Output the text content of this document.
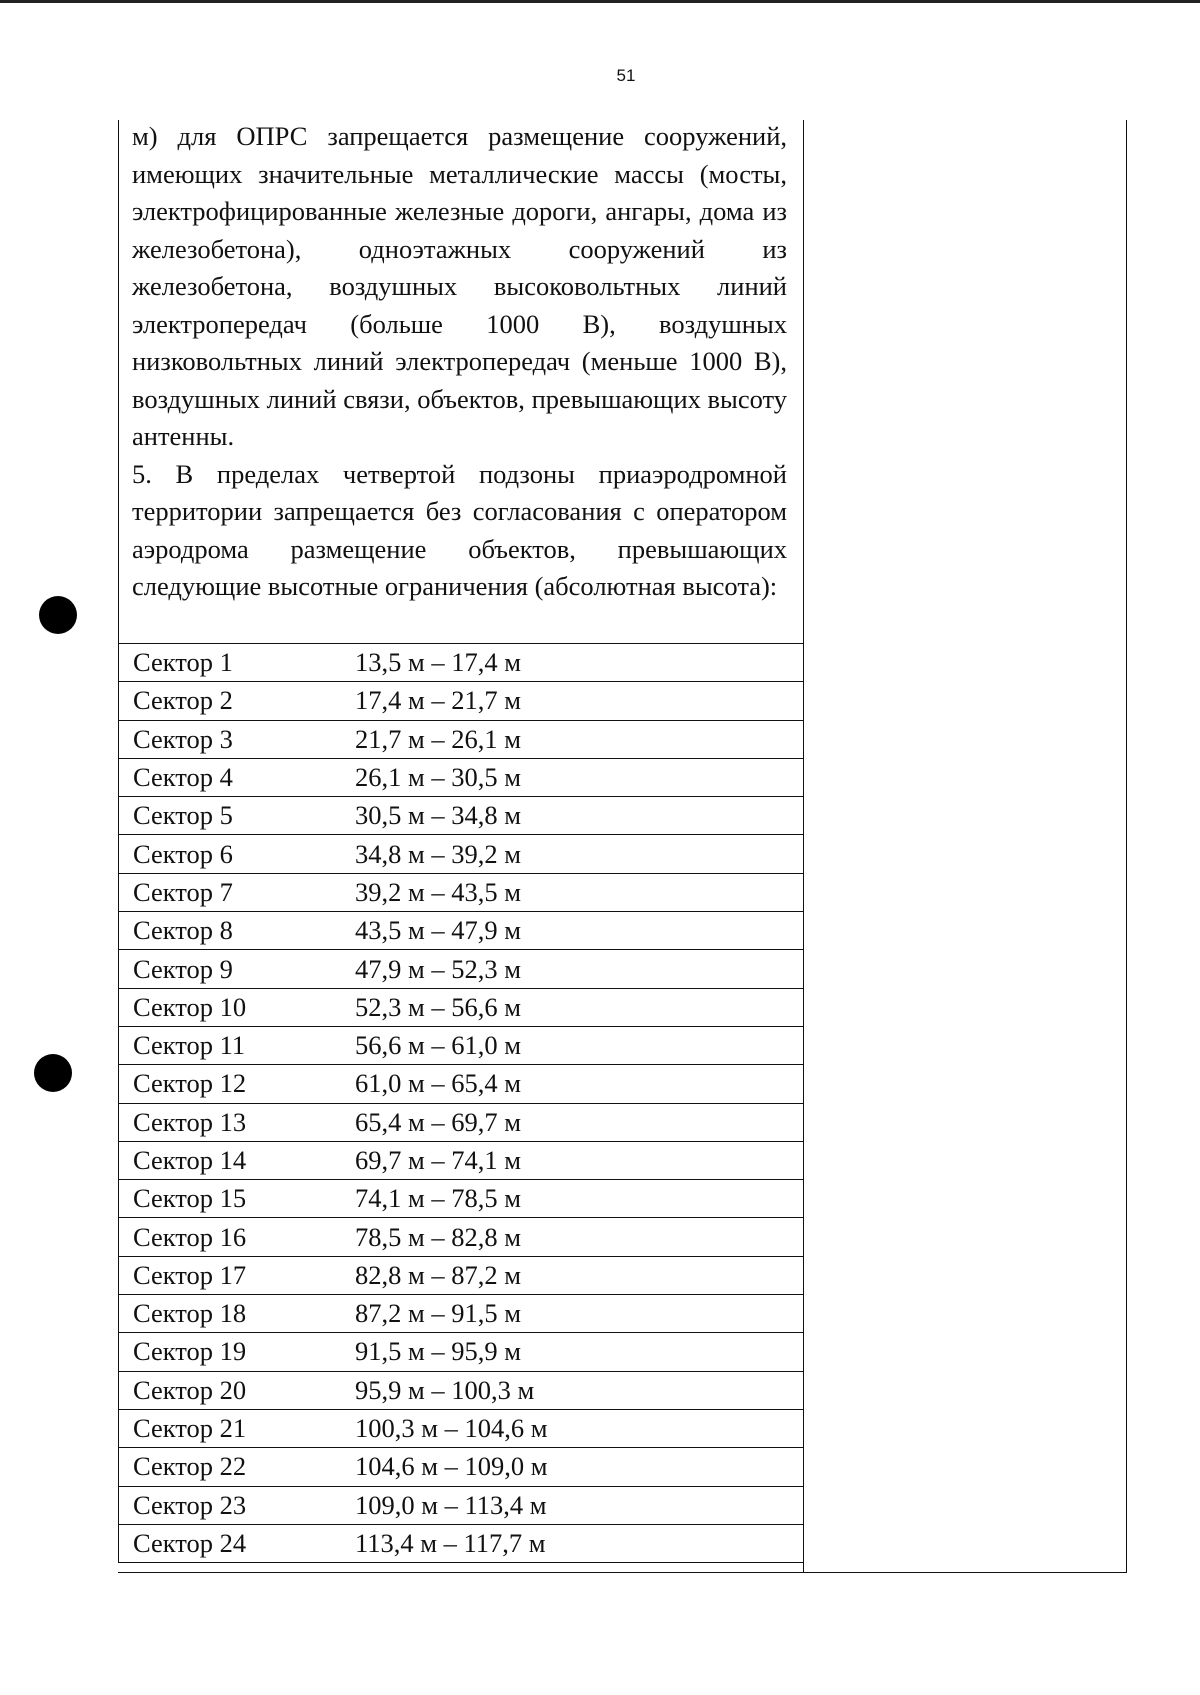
51

м) для ОПРС запрещается размещение сооружений, имеющих значительные металлические массы (мосты, электрофицированные железные дороги, ангары, дома из железобетона), одноэтажных сооружений из железобетона, воздушных высоковольтных линий электропередач (больше 1000 В), воздушных низковольтных линий электропередач (меньше 1000 В), воздушных линий связи, объектов, превышающих высоту антенны.

5. В пределах четвертой подзоны приаэродромной территории запрещается без согласования с оператором аэродрома размещение объектов, превышающих следующие высотные ограничения (абсолютная высота):

Сектор 1	13,5 м – 17,4 м
Сектор 2	17,4 м – 21,7 м
Сектор 3	21,7 м – 26,1 м
Сектор 4	26,1 м – 30,5 м
Сектор 5	30,5 м – 34,8 м
Сектор 6	34,8 м – 39,2 м
Сектор 7	39,2 м – 43,5 м
Сектор 8	43,5 м – 47,9 м
Сектор 9	47,9 м – 52,3 м
Сектор 10	52,3 м – 56,6 м
Сектор 11	56,6 м – 61,0 м
Сектор 12	61,0 м – 65,4 м
Сектор 13	65,4 м – 69,7 м
Сектор 14	69,7 м – 74,1 м
Сектор 15	74,1 м – 78,5 м
Сектор 16	78,5 м – 82,8 м
Сектор 17	82,8 м – 87,2 м
Сектор 18	87,2 м – 91,5 м
Сектор 19	91,5 м – 95,9 м
Сектор 20	95,9 м – 100,3 м
Сектор 21	100,3 м – 104,6 м
Сектор 22	104,6 м – 109,0 м
Сектор 23	109,0 м – 113,4 м
Сектор 24	113,4 м – 117,7 м
